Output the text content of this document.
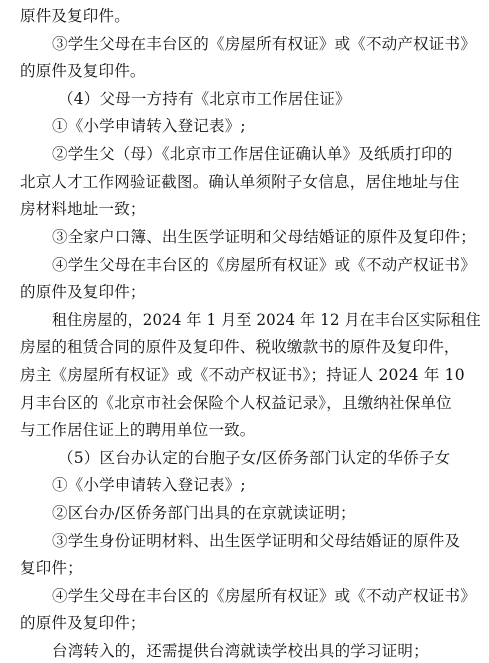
原件及复印件。
③学生父母在丰台区的《房屋所有权证》或《不动产权证书》
的原件及复印件。
（4）父母一方持有《北京市工作居住证》
①《小学申请转入登记表》;
②学生父（母）《北京市工作居住证确认单》及纸质打印的
北京人才工作网验证截图。确认单须附子女信息，居住地址与住
房材料地址一致；
③全家户口簿、出生医学证明和父母结婚证的原件及复印件；
④学生父母在丰台区的《房屋所有权证》或《不动产权证书》
的原件及复印件；
租住房屋的，2024 年 1 月至 2024 年 12 月在丰台区实际租住
房屋的租赁合同的原件及复印件、税收缴款书的原件及复印件，
房主《房屋所有权证》或《不动产权证书》；持证人 2024 年 10
月丰台区的《北京市社会保险个人权益记录》，且缴纳社保单位
与工作居住证上的聘用单位一致。
（5）区台办认定的台胞子女/区侨务部门认定的华侨子女
①《小学申请转入登记表》;
②区台办/区侨务部门出具的在京就读证明；
③学生身份证明材料、出生医学证明和父母结婚证的原件及
复印件；
④学生父母在丰台区的《房屋所有权证》或《不动产权证书》
的原件及复印件；
台湾转入的，还需提供台湾就读学校出具的学习证明；
